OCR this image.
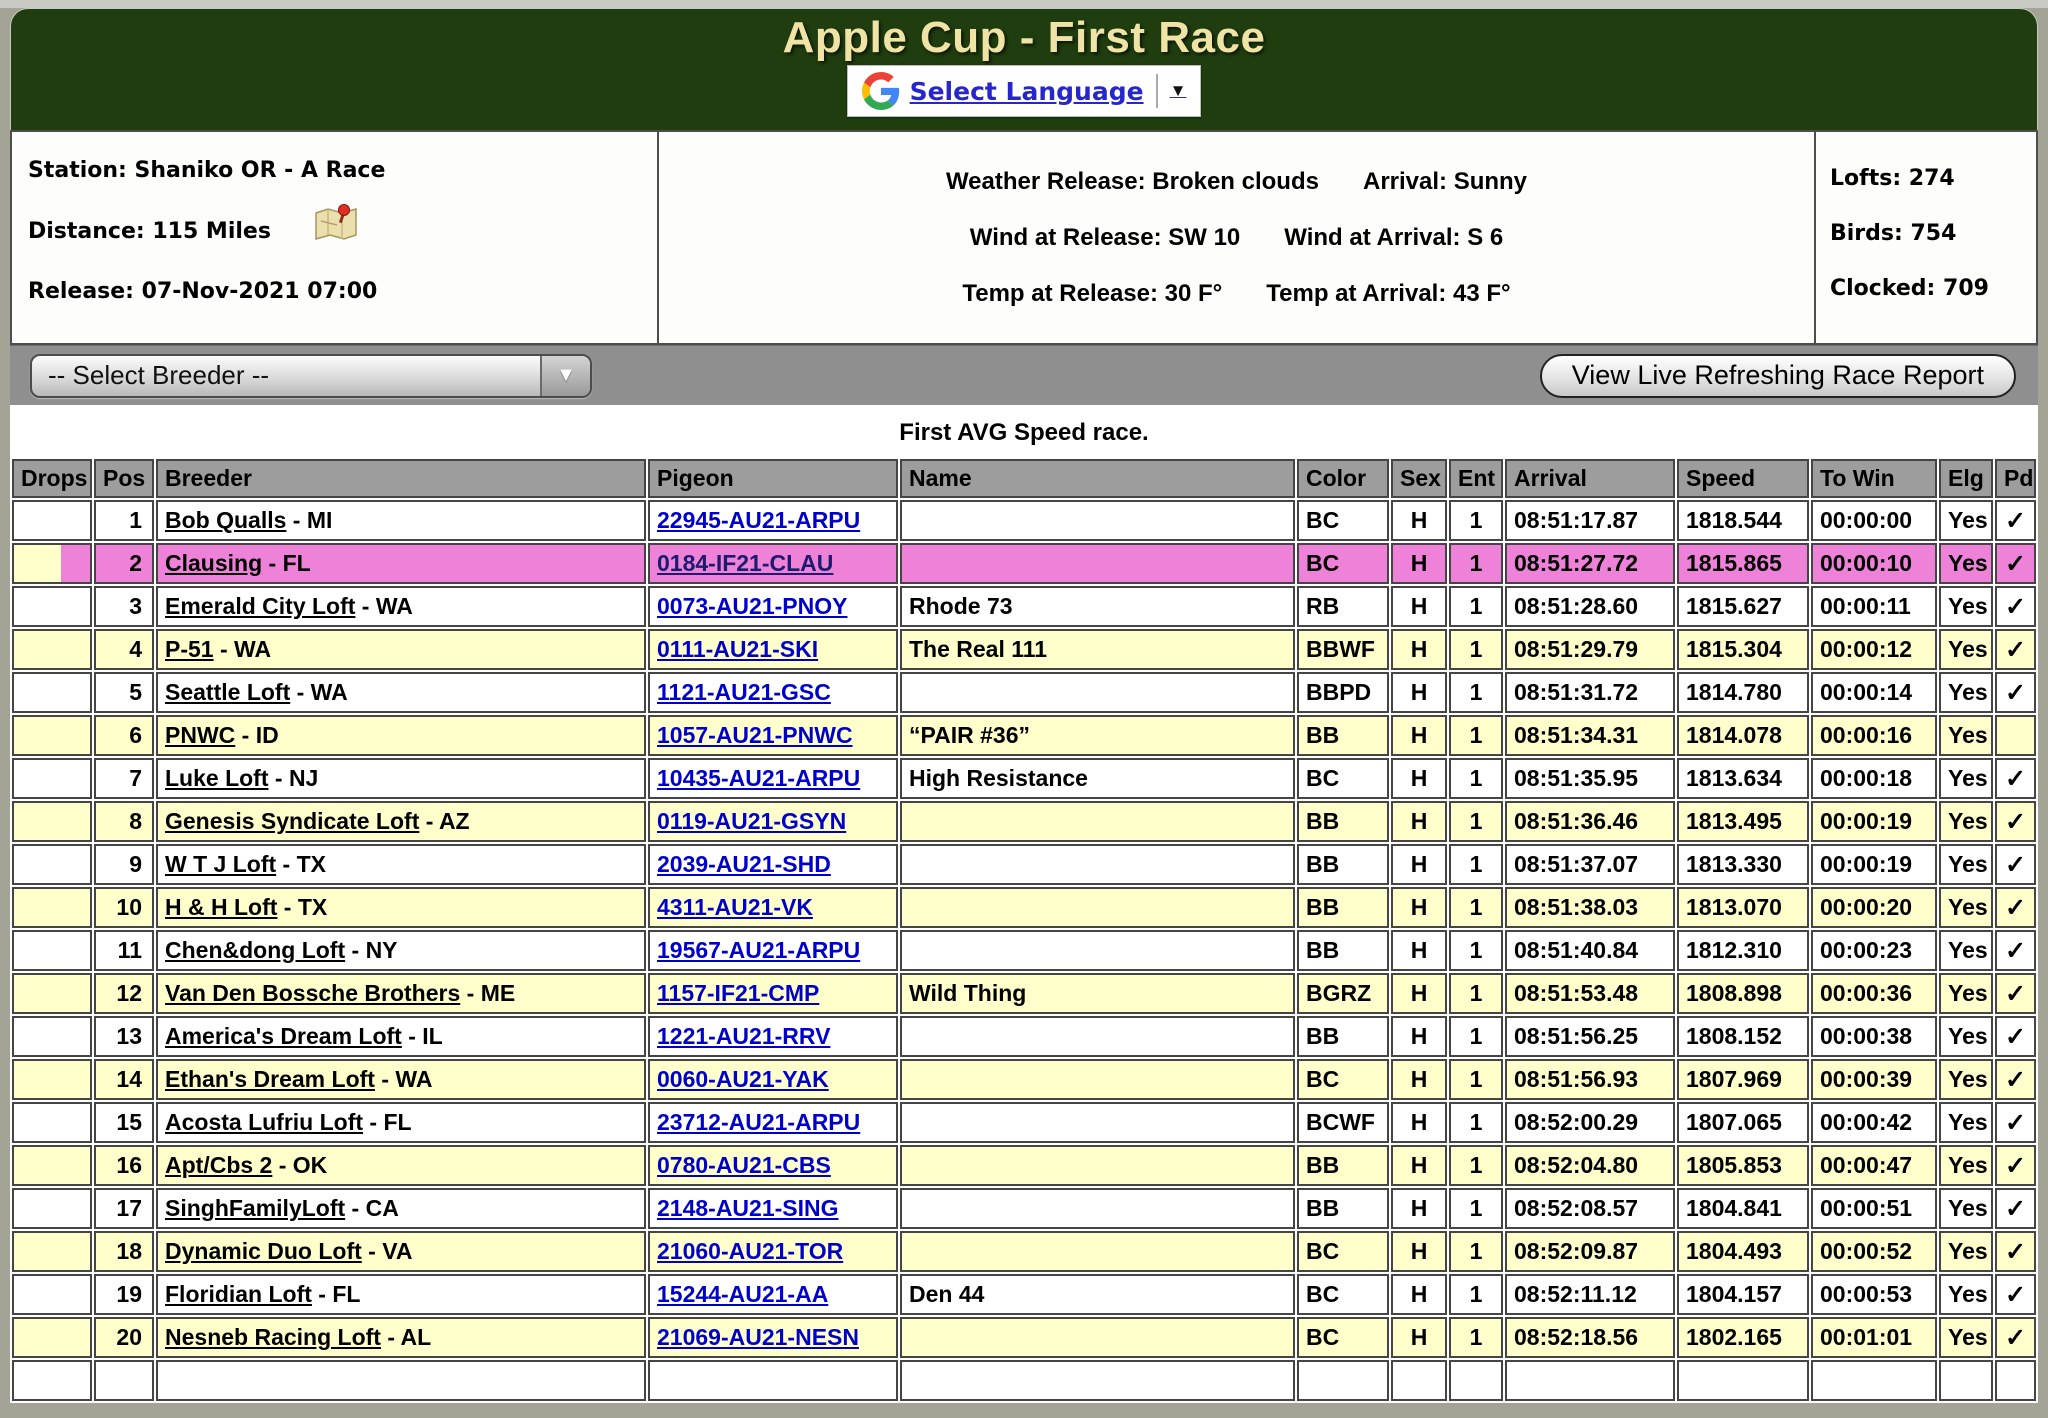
Apple Cup - First Race
Select Language ▼
Station: Shaniko OR - A Race
Distance: 115 Miles
Release: 07-Nov-2021 07:00
Weather Release: Broken clouds Arrival: Sunny
Wind at Release: SW 10 Wind at Arrival: S 6
Temp at Release: 30 F° Temp at Arrival: 43 F°
Lofts: 274
Birds: 754
Clocked: 709
-- Select Breeder --	▼	View Live Refreshing Race Report
First AVG Speed race.
Drops	Pos	Breeder	Pigeon	Name	Color	Sex	Ent	Arrival	Speed	To Win	Elg	Pd
	1	Bob Qualls - MI	22945-AU21-ARPU		BC	H	1	08:51:17.87	1818.544	00:00:00	Yes	✓
	2	Clausing - FL	0184-IF21-CLAU		BC	H	1	08:51:27.72	1815.865	00:00:10	Yes	✓
	3	Emerald City Loft - WA	0073-AU21-PNOY	Rhode 73	RB	H	1	08:51:28.60	1815.627	00:00:11	Yes	✓
	4	P-51 - WA	0111-AU21-SKI	The Real 111	BBWF	H	1	08:51:29.79	1815.304	00:00:12	Yes	✓
	5	Seattle Loft - WA	1121-AU21-GSC		BBPD	H	1	08:51:31.72	1814.780	00:00:14	Yes	✓
	6	PNWC - ID	1057-AU21-PNWC	“PAIR #36”	BB	H	1	08:51:34.31	1814.078	00:00:16	Yes	
	7	Luke Loft - NJ	10435-AU21-ARPU	High Resistance	BC	H	1	08:51:35.95	1813.634	00:00:18	Yes	✓
	8	Genesis Syndicate Loft - AZ	0119-AU21-GSYN		BB	H	1	08:51:36.46	1813.495	00:00:19	Yes	✓
	9	W T J Loft - TX	2039-AU21-SHD		BB	H	1	08:51:37.07	1813.330	00:00:19	Yes	✓
	10	H & H Loft - TX	4311-AU21-VK		BB	H	1	08:51:38.03	1813.070	00:00:20	Yes	✓
	11	Chen&dong Loft - NY	19567-AU21-ARPU		BB	H	1	08:51:40.84	1812.310	00:00:23	Yes	✓
	12	Van Den Bossche Brothers - ME	1157-IF21-CMP	Wild Thing	BGRZ	H	1	08:51:53.48	1808.898	00:00:36	Yes	✓
	13	America's Dream Loft - IL	1221-AU21-RRV		BB	H	1	08:51:56.25	1808.152	00:00:38	Yes	✓
	14	Ethan's Dream Loft - WA	0060-AU21-YAK		BC	H	1	08:51:56.93	1807.969	00:00:39	Yes	✓
	15	Acosta Lufriu Loft - FL	23712-AU21-ARPU		BCWF	H	1	08:52:00.29	1807.065	00:00:42	Yes	✓
	16	Apt/Cbs 2 - OK	0780-AU21-CBS		BB	H	1	08:52:04.80	1805.853	00:00:47	Yes	✓
	17	SinghFamilyLoft - CA	2148-AU21-SING		BB	H	1	08:52:08.57	1804.841	00:00:51	Yes	✓
	18	Dynamic Duo Loft - VA	21060-AU21-TOR		BC	H	1	08:52:09.87	1804.493	00:00:52	Yes	✓
	19	Floridian Loft - FL	15244-AU21-AA	Den 44	BC	H	1	08:52:11.12	1804.157	00:00:53	Yes	✓
	20	Nesneb Racing Loft - AL	21069-AU21-NESN		BC	H	1	08:52:18.56	1802.165	00:01:01	Yes	✓
